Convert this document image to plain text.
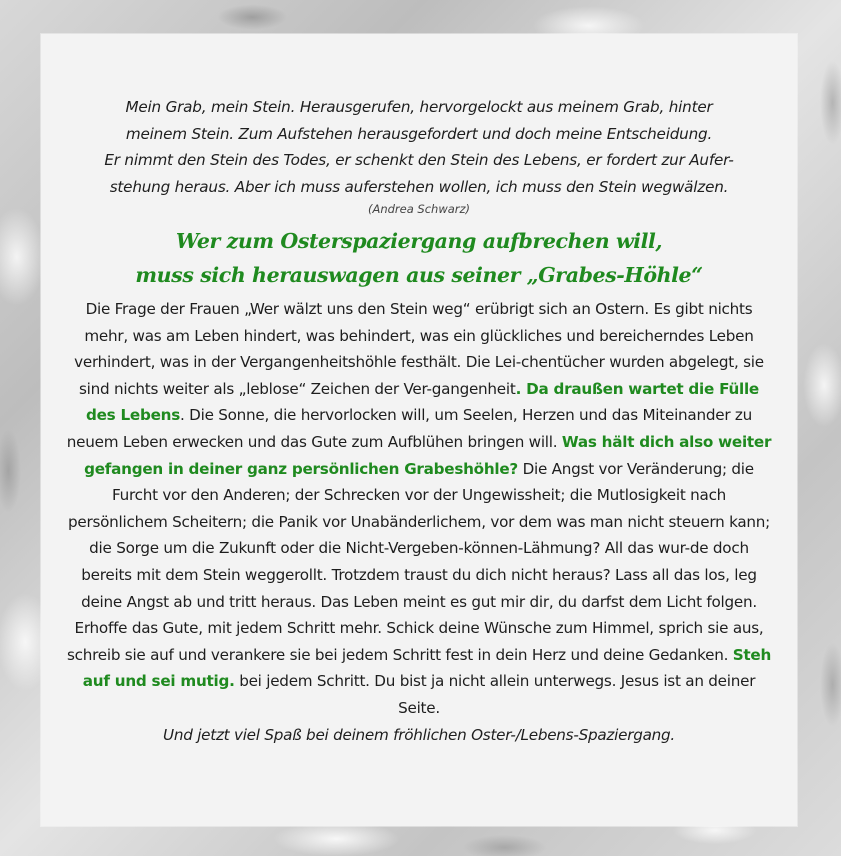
Mein Grab, mein Stein. Herausgerufen, hervorgelockt aus meinem Grab, hinter
meinem Stein. Zum Aufstehen herausgefordert und doch meine Entscheidung.
Er nimmt den Stein des Todes, er schenkt den Stein des Lebens, er fordert zur Aufer-
stehung heraus. Aber ich muss auferstehen wollen, ich muss den Stein wegwälzen.

(Andrea Schwarz)

Wer zum Osterspaziergang aufbrechen will,
muss sich herauswagen aus seiner „Grabes-Höhle“

Die Frage der Frauen „Wer wälzt uns den Stein weg“ erübrigt sich an Ostern. Es gibt nichts mehr, was am Leben hindert, was behindert, was ein glückliches und bereicherndes Leben verhindert, was in der Vergangenheitshöhle festhält. Die Lei-chentücher wurden abgelegt, sie sind nichts weiter als „leblose“ Zeichen der Ver-gangenheit. Da draußen wartet die Fülle des Lebens. Die Sonne, die hervorlocken will, um Seelen, Herzen und das Miteinander zu neuem Leben erwecken und das Gute zum Aufblühen bringen will. Was hält dich also weiter gefangen in deiner ganz persönlichen Grabeshöhle? Die Angst vor Veränderung; die Furcht vor den Anderen; der Schrecken vor der Ungewissheit; die Mutlosigkeit nach persönlichem Scheitern; die Panik vor Unabänderlichem, vor dem was man nicht steuern kann; die Sorge um die Zukunft oder die Nicht-Vergeben-können-Lähmung? All das wur-de doch bereits mit dem Stein weggerollt. Trotzdem traust du dich nicht heraus? Lass all das los, leg deine Angst ab und tritt heraus. Das Leben meint es gut mir dir, du darfst dem Licht folgen. Erhoffe das Gute, mit jedem Schritt mehr. Schick deine Wünsche zum Himmel, sprich sie aus, schreib sie auf und verankere sie bei jedem Schritt fest in dein Herz und deine Gedanken. Steh auf und sei mutig. bei jedem Schritt. Du bist ja nicht allein unterwegs. Jesus ist an deiner Seite.
Und jetzt viel Spaß bei deinem fröhlichen Oster-/Lebens-Spaziergang.
